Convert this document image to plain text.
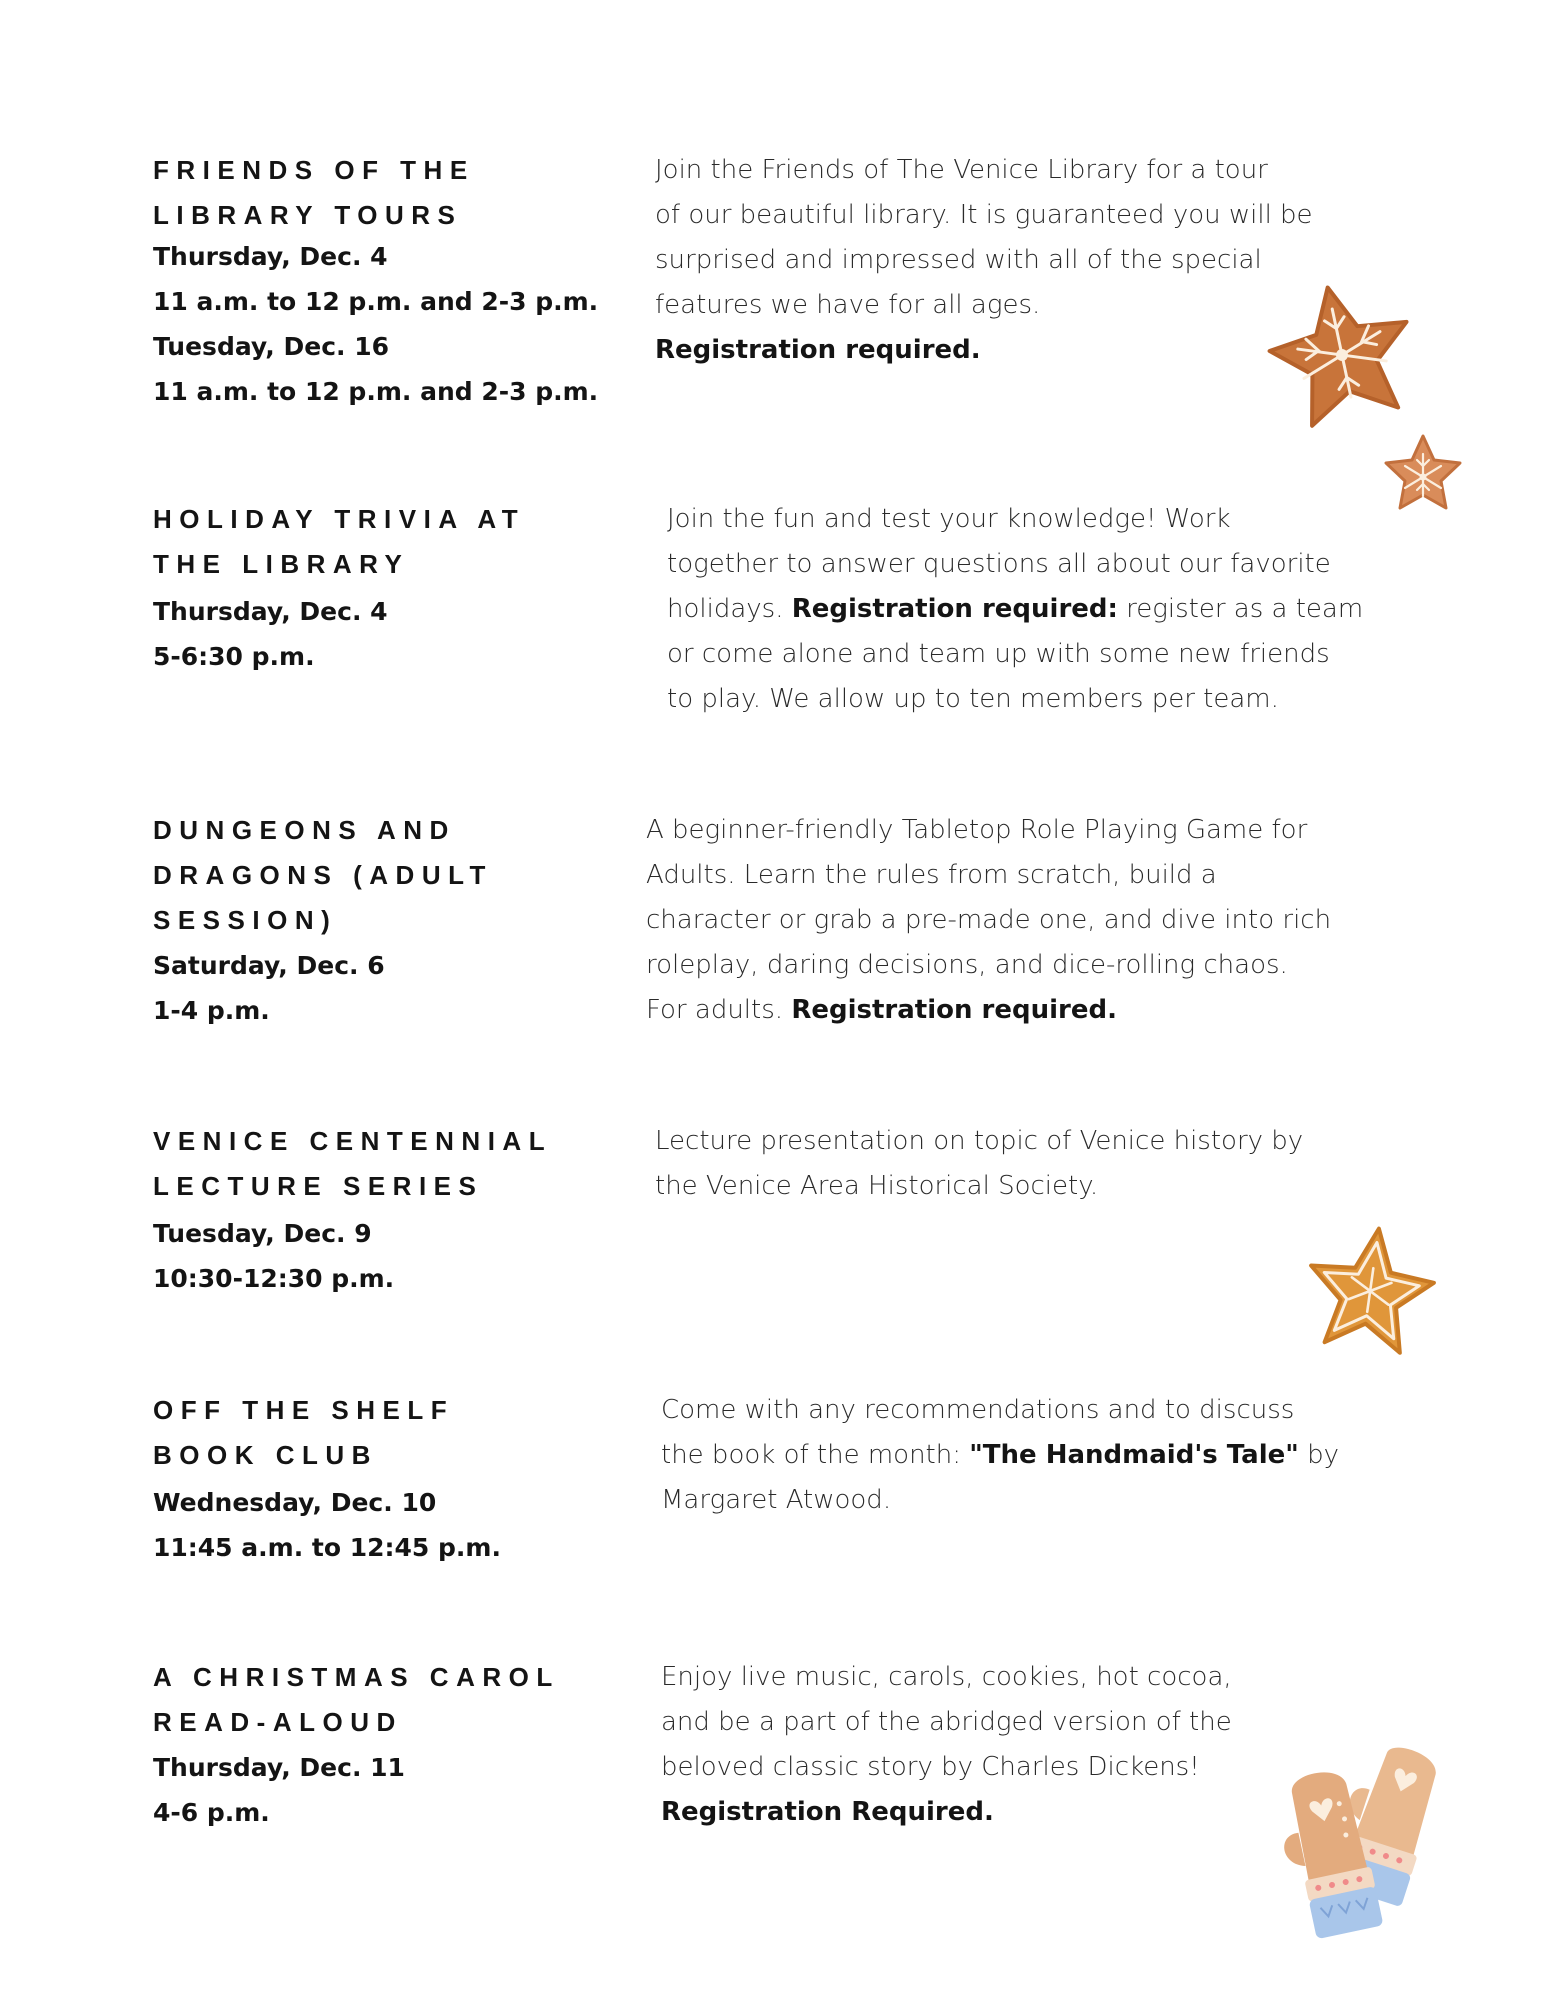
FRIENDS OF THE

LIBRARY TOURS

Thursday, Dec. 4

11 a.m. to 12 p.m. and 2-3 p.m.

Tuesday, Dec. 16

11 a.m. to 12 p.m. and 2-3 p.m.

Join the Friends of The Venice Library for a tour
of our beautiful library. It is guaranteed you will be
surprised and impressed with all of the special
features we have for all ages.
Registration required.

HOLIDAY TRIVIA AT

THE LIBRARY

Thursday, Dec. 4

5-6:30 p.m.

Join the fun and test your knowledge! Work
together to answer questions all about our favorite
holidays. Registration required: register as a team
or come alone and team up with some new friends
to play. We allow up to ten members per team.

DUNGEONS AND

DRAGONS (ADULT

SESSION)

Saturday, Dec. 6

1-4 p.m.

A beginner-friendly Tabletop Role Playing Game for
Adults. Learn the rules from scratch, build a
character or grab a pre-made one, and dive into rich
roleplay, daring decisions, and dice-rolling chaos.
For adults. Registration required.

VENICE CENTENNIAL

LECTURE SERIES

Tuesday, Dec. 9

10:30-12:30 p.m.

Lecture presentation on topic of Venice history by
the Venice Area Historical Society.

OFF THE SHELF

BOOK CLUB

Wednesday, Dec. 10

11:45 a.m. to 12:45 p.m.

Come with any recommendations and to discuss
the book of the month: "The Handmaid's Tale" by
Margaret Atwood.

A CHRISTMAS CAROL

READ-ALOUD

Thursday, Dec. 11

4-6 p.m.

Enjoy live music, carols, cookies, hot cocoa,
and be a part of the abridged version of the
beloved classic story by Charles Dickens!
Registration Required.
